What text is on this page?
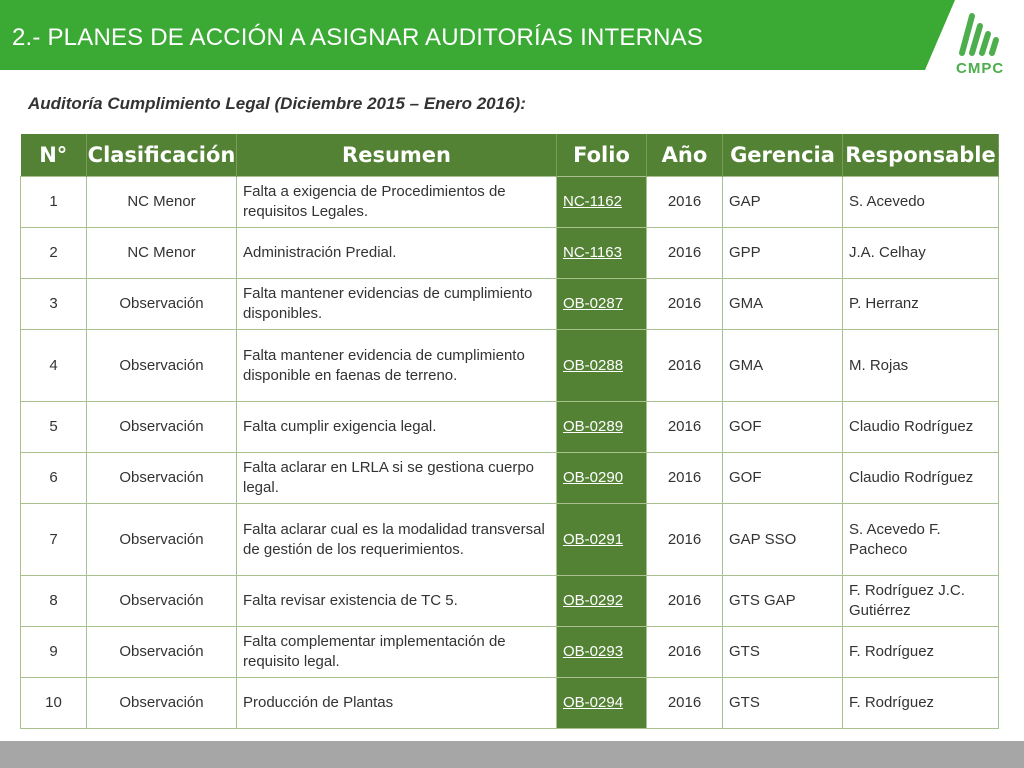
2.- PLANES DE ACCIÓN A ASIGNAR AUDITORÍAS INTERNAS
CMPC
Auditoría Cumplimiento Legal (Diciembre 2015 – Enero 2016):
N°	Clasificación	Resumen	Folio	Año	Gerencia	Responsable
1	NC Menor	Falta a exigencia de Procedimientos de requisitos Legales.	NC-1162	2016	GAP	S. Acevedo
2	NC Menor	Administración Predial.	NC-1163	2016	GPP	J.A. Celhay
3	Observación	Falta mantener evidencias de cumplimiento disponibles.	OB-0287	2016	GMA	P. Herranz
4	Observación	Falta mantener evidencia de cumplimiento disponible en faenas de terreno.	OB-0288	2016	GMA	M. Rojas
5	Observación	Falta cumplir exigencia legal.	OB-0289	2016	GOF	Claudio Rodríguez
6	Observación	Falta aclarar en LRLA si se gestiona cuerpo legal.	OB-0290	2016	GOF	Claudio Rodríguez
7	Observación	Falta aclarar cual es la modalidad transversal de gestión de los requerimientos.	OB-0291	2016	GAP SSO	S. Acevedo F. Pacheco
8	Observación	Falta revisar existencia de TC 5.	OB-0292	2016	GTS GAP	F. Rodríguez J.C. Gutiérrez
9	Observación	Falta complementar implementación de requisito legal.	OB-0293	2016	GTS	F. Rodríguez
10	Observación	Producción de Plantas	OB-0294	2016	GTS	F. Rodríguez
